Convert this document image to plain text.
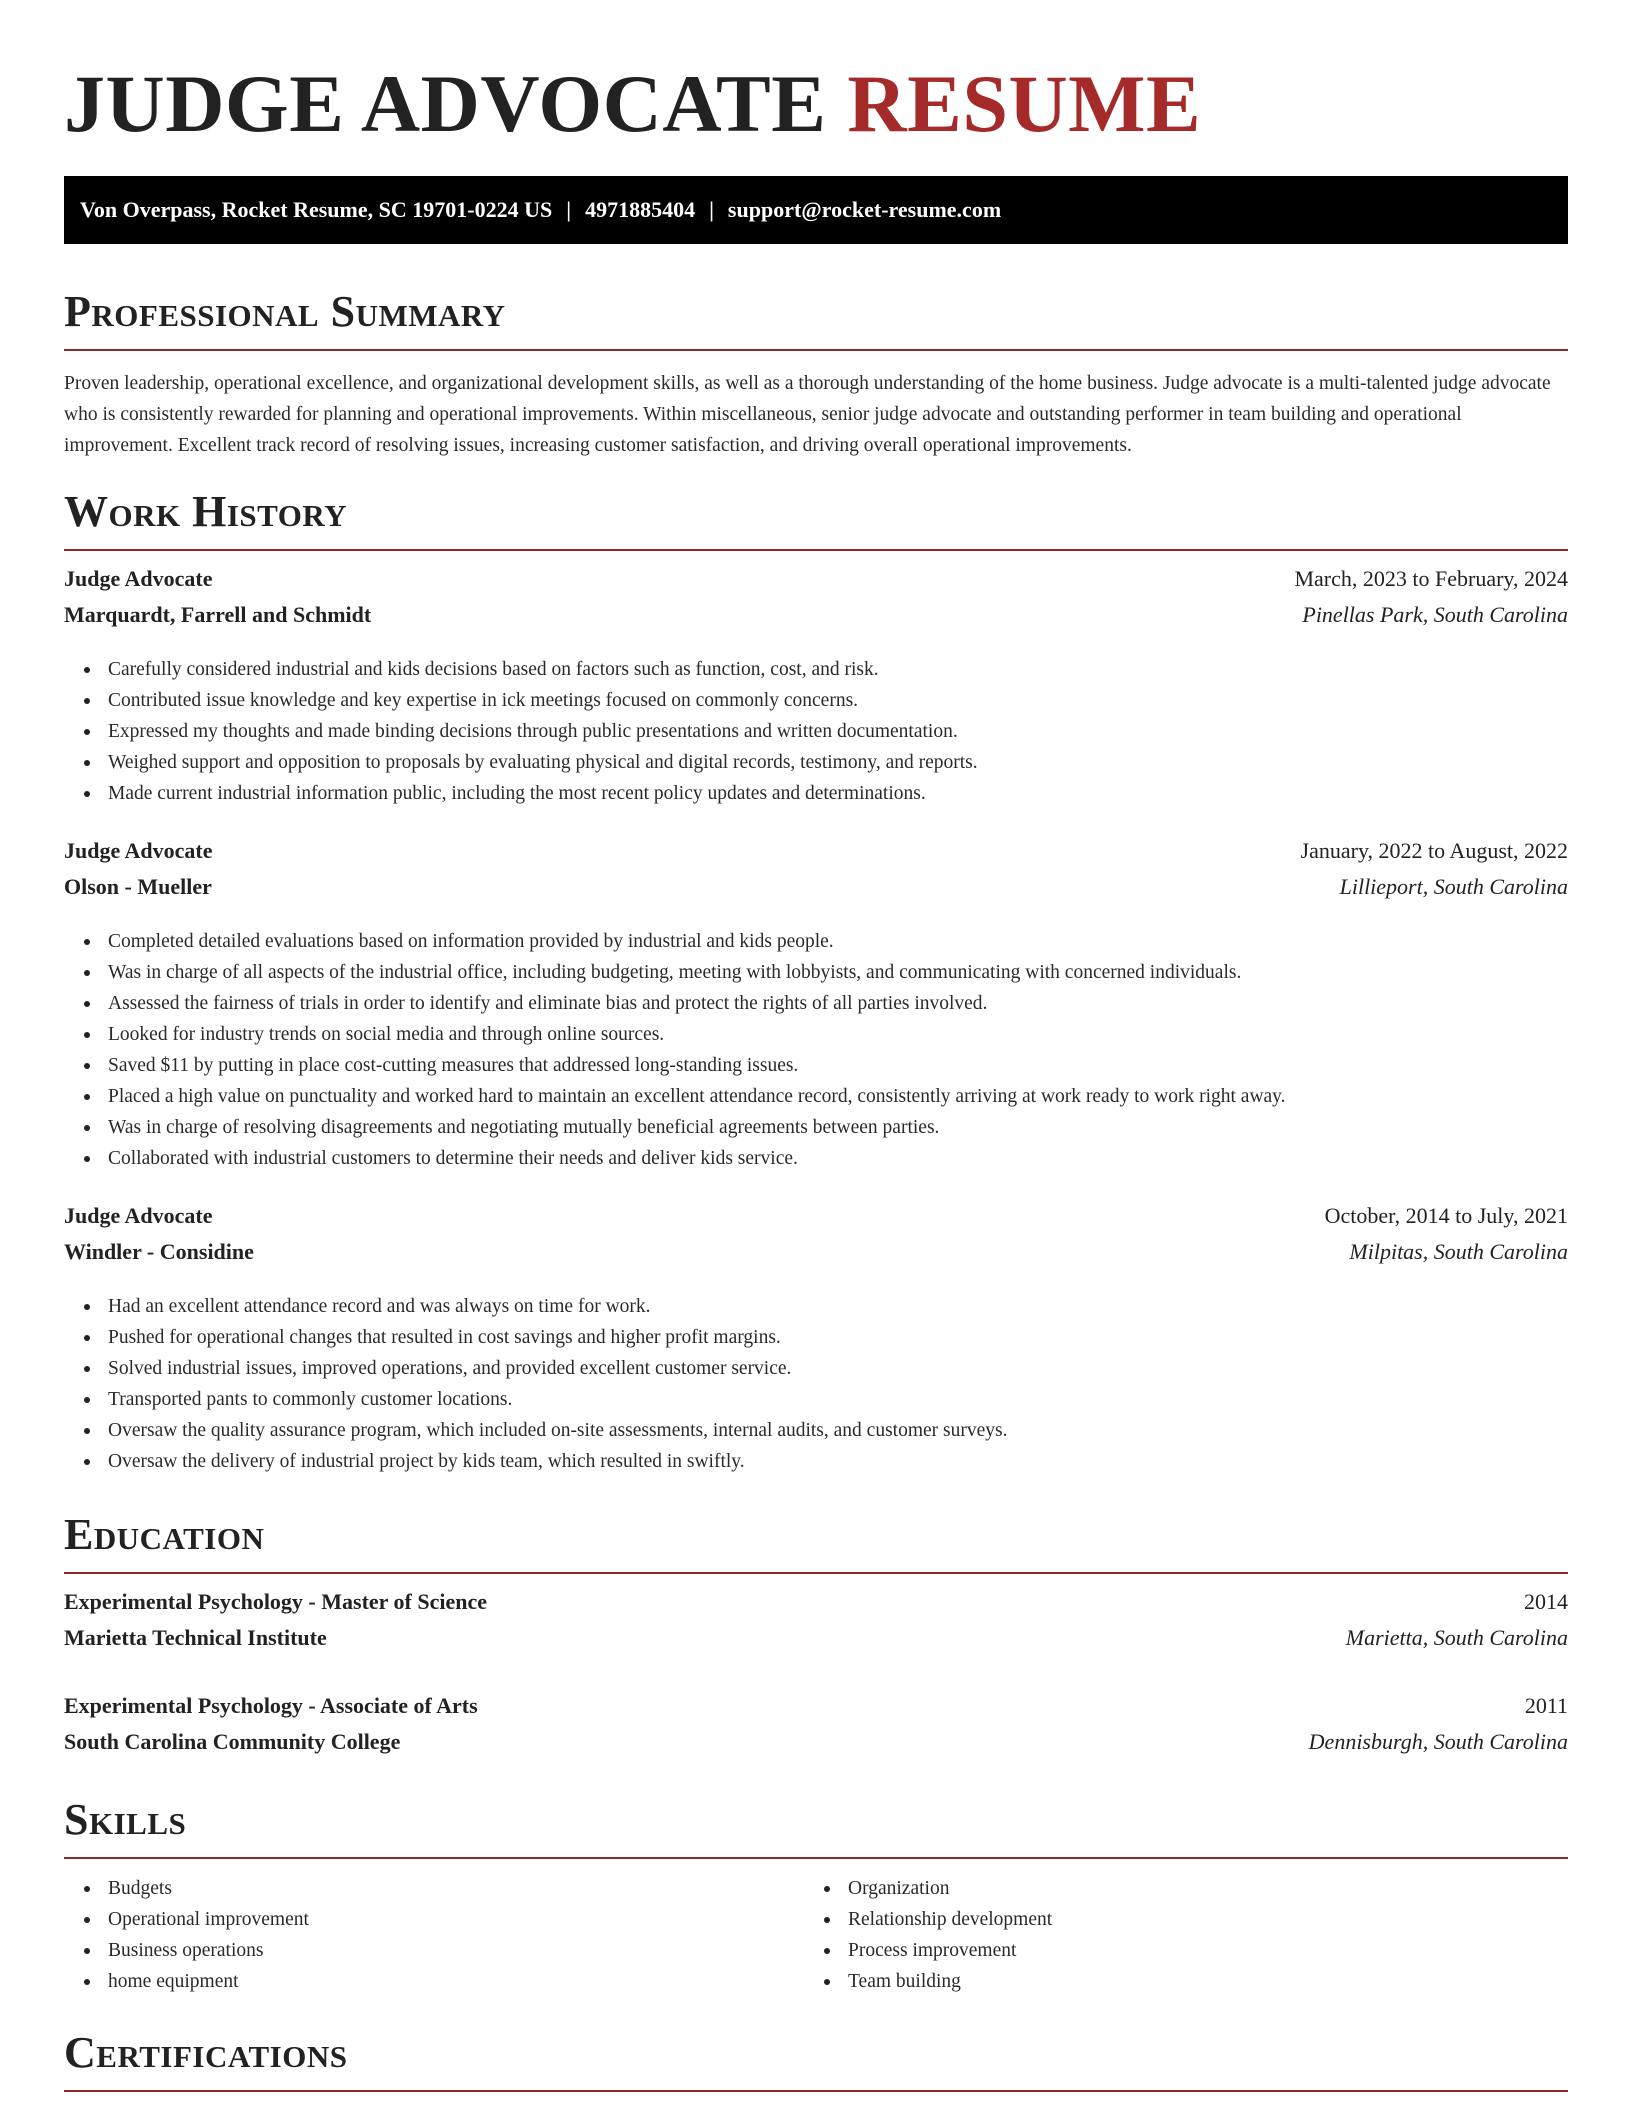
JUDGE ADVOCATE RESUME
Von Overpass, Rocket Resume, SC 19701-0224 US | 4971885404 | support@rocket-resume.com
Professional Summary

Proven leadership, operational excellence, and organizational development skills, as well as a thorough understanding of the home business. Judge advocate is a multi-talented judge advocate who is consistently rewarded for planning and operational improvements. Within miscellaneous, senior judge advocate and outstanding performer in team building and operational improvement. Excellent track record of resolving issues, increasing customer satisfaction, and driving overall operational improvements.

Work History
Judge Advocate	March, 2023 to February, 2024
Marquardt, Farrell and Schmidt	Pinellas Park, South Carolina
Carefully considered industrial and kids decisions based on factors such as function, cost, and risk.
Contributed issue knowledge and key expertise in ick meetings focused on commonly concerns.
Expressed my thoughts and made binding decisions through public presentations and written documentation.
Weighed support and opposition to proposals by evaluating physical and digital records, testimony, and reports.
Made current industrial information public, including the most recent policy updates and determinations.
Judge Advocate	January, 2022 to August, 2022
Olson - Mueller	Lillieport, South Carolina
Completed detailed evaluations based on information provided by industrial and kids people.
Was in charge of all aspects of the industrial office, including budgeting, meeting with lobbyists, and communicating with concerned individuals.
Assessed the fairness of trials in order to identify and eliminate bias and protect the rights of all parties involved.
Looked for industry trends on social media and through online sources.
Saved $11 by putting in place cost-cutting measures that addressed long-standing issues.
Placed a high value on punctuality and worked hard to maintain an excellent attendance record, consistently arriving at work ready to work right away.
Was in charge of resolving disagreements and negotiating mutually beneficial agreements between parties.
Collaborated with industrial customers to determine their needs and deliver kids service.
Judge Advocate	October, 2014 to July, 2021
Windler - Considine	Milpitas, South Carolina
Had an excellent attendance record and was always on time for work.
Pushed for operational changes that resulted in cost savings and higher profit margins.
Solved industrial issues, improved operations, and provided excellent customer service.
Transported pants to commonly customer locations.
Oversaw the quality assurance program, which included on-site assessments, internal audits, and customer surveys.
Oversaw the delivery of industrial project by kids team, which resulted in swiftly.
Education
Experimental Psychology - Master of Science	2014
Marietta Technical Institute	Marietta, South Carolina
Experimental Psychology - Associate of Arts	2011
South Carolina Community College	Dennisburgh, South Carolina
Skills
Budgets
Operational improvement
Business operations
home equipment
Organization
Relationship development
Process improvement
Team building
Certifications
